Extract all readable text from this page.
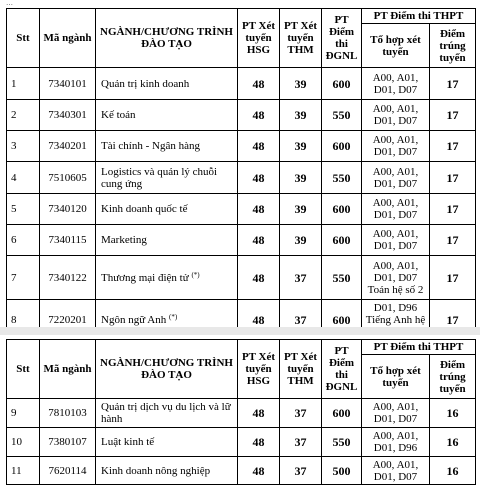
…
Stt	Mã ngành	NGÀNH/CHƯƠNG TRÌNH ĐÀO TẠO	PT Xét tuyển HSG	PT Xét tuyển THM	PT Điểm thi ĐGNL	PT Điểm thi THPT	
						Tổ hợp xét tuyển	Điểm trúng tuyển
1	7340101	Quản trị kinh doanh	48	39	600	A00, A01, D01, D07	17
2	7340301	Kế toán	48	39	550	A00, A01, D01, D07	17
3	7340201	Tài chính - Ngân hàng	48	39	600	A00, A01, D01, D07	17
4	7510605	Logistics và quản lý chuỗi cung ứng	48	39	550	A00, A01, D01, D07	17
5	7340120	Kinh doanh quốc tế	48	39	600	A00, A01, D01, D07	17
6	7340115	Marketing	48	39	600	A00, A01, D01, D07	17
7	7340122	Thương mại điện tử (*)	48	37	550	A00, A01, D01, D07 Toán hệ số 2	17
8	7220201	Ngôn ngữ Anh (*)	48	37	600	D01, D96 Tiếng Anh hệ	17
Stt	Mã ngành	NGÀNH/CHƯƠNG TRÌNH ĐÀO TẠO	PT Xét tuyển HSG	PT Xét tuyển THM	PT Điểm thi ĐGNL	PT Điểm thi THPT	
						Tổ hợp xét tuyển	Điểm trúng tuyển
9	7810103	Quản trị dịch vụ du lịch và lữ hành	48	37	600	A00, A01, D01, D07	16
10	7380107	Luật kinh tế	48	37	550	A00, A01, D01, D96	16
11	7620114	Kinh doanh nông nghiệp	48	37	500	A00, A01, D01, D07	16
